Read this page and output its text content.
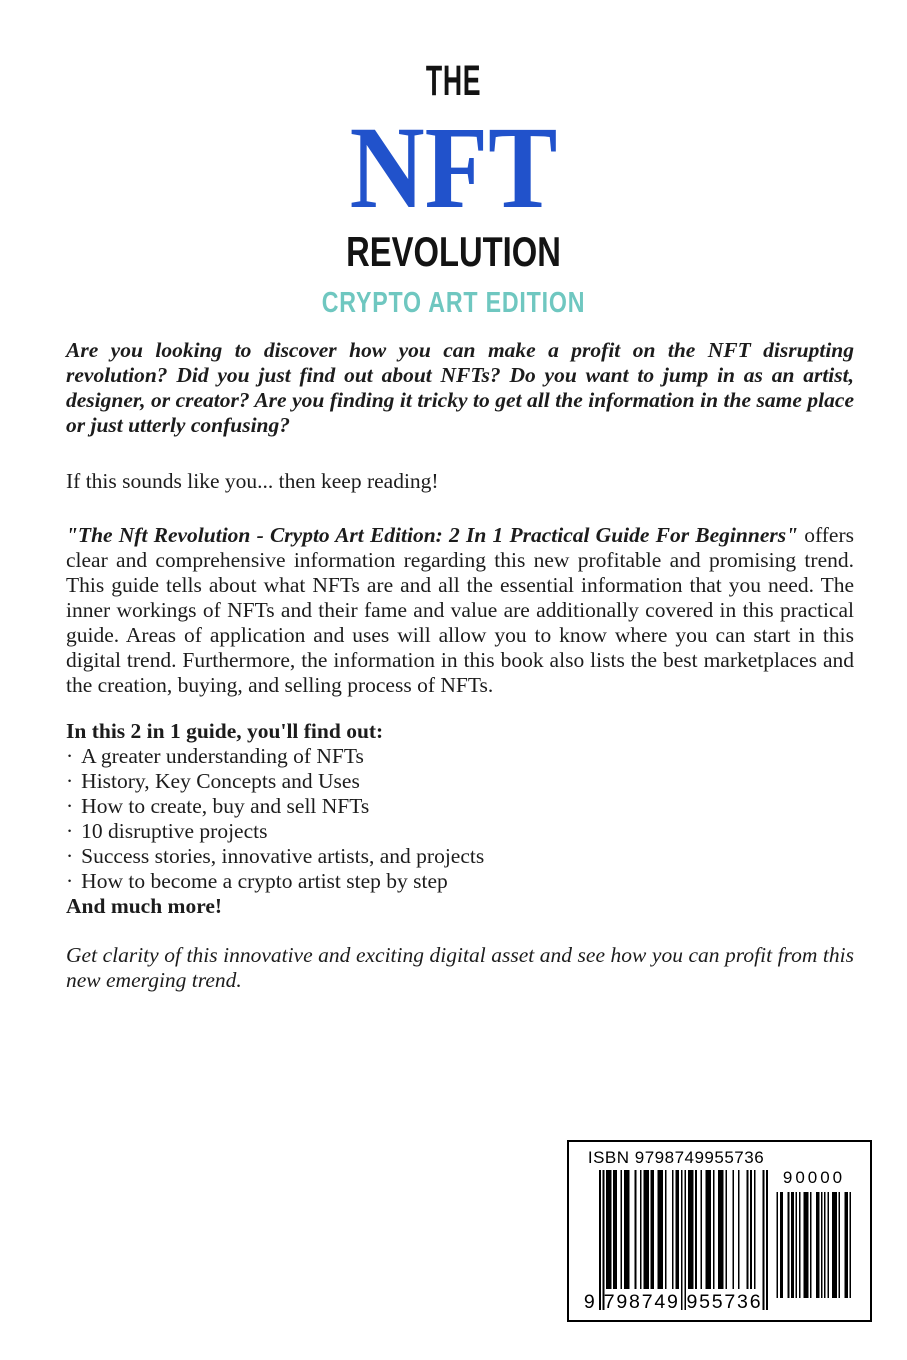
THE
NFT
REVOLUTION
CRYPTO ART EDITION

Are you looking to discover how you can make a profit on the NFT disrupting revolution? Did you just find out about NFTs? Do you want to jump in as an artist, designer, or creator? Are you finding it tricky to get all the information in the same place or just utterly confusing?

If this sounds like you... then keep reading!

"The Nft Revolution - Crypto Art Edition: 2 In 1 Practical Guide For Beginners" offers clear and comprehensive information regarding this new profitable and promising trend. This guide tells about what NFTs are and all the essential information that you need. The inner workings of NFTs and their fame and value are additionally covered in this practical guide. Areas of application and uses will allow you to know where you can start in this digital trend. Furthermore, the information in this book also lists the best marketplaces and the creation, buying, and selling process of NFTs.

In this 2 in 1 guide, you'll find out:

· A greater understanding of NFTs

· History, Key Concepts and Uses

· How to create, buy and sell NFTs

· 10 disruptive projects

· Success stories, innovative artists, and projects

· How to become a crypto artist step by step

And much more!

Get clarity of this innovative and exciting digital asset and see how you can profit from this new emerging trend.

ISBN 9798749955736
9 798749 955736
90000
